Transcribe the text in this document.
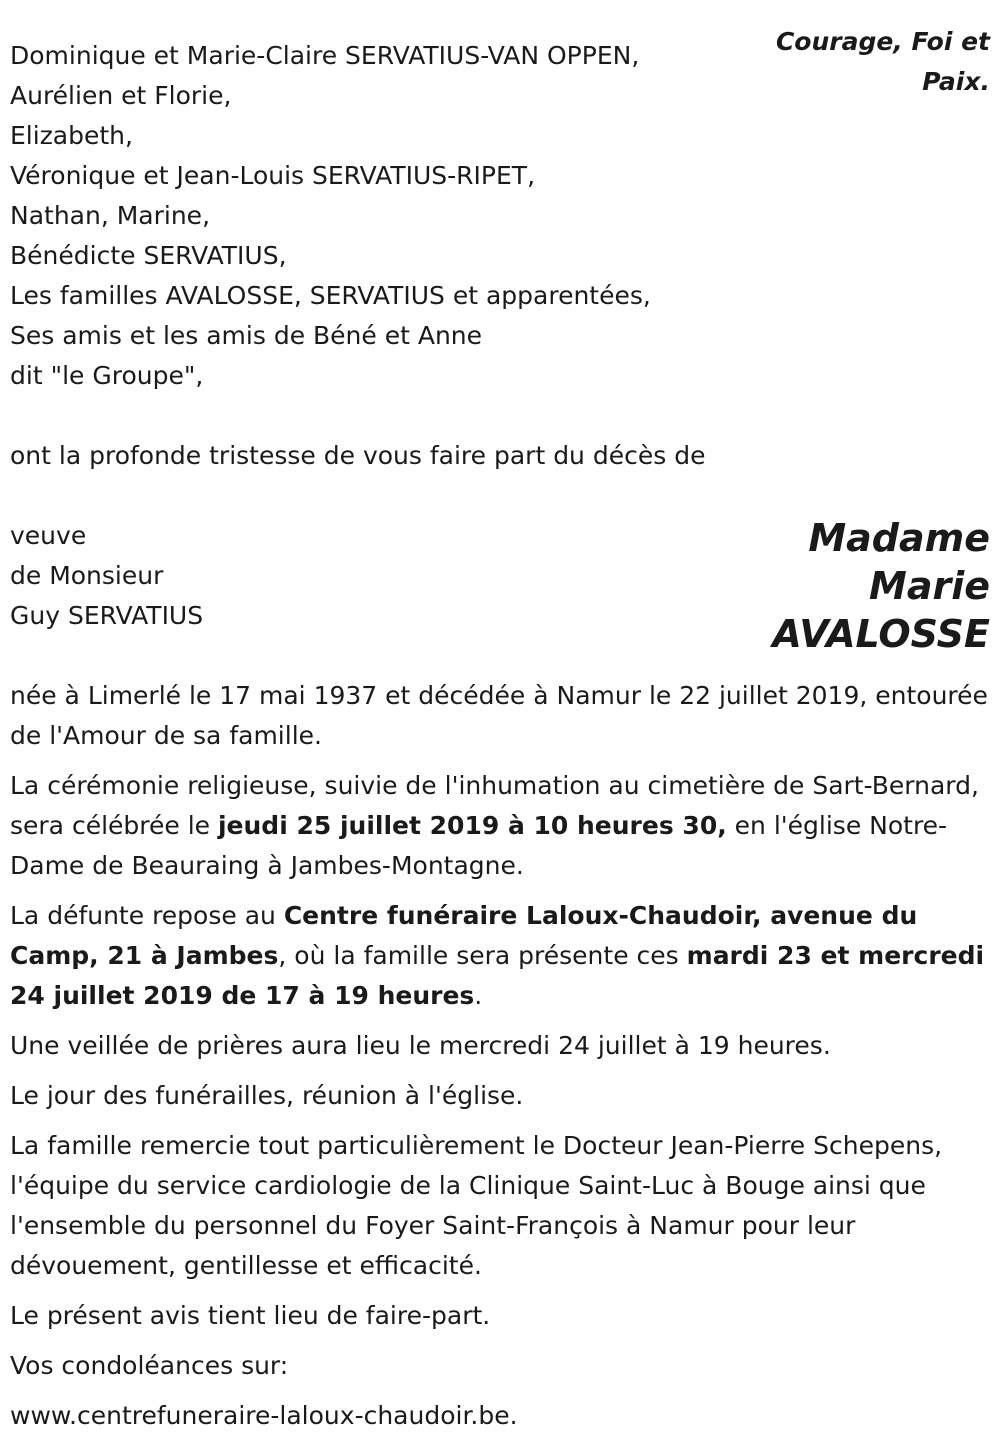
Courage, Foi et
Paix.
Dominique et Marie-Claire SERVATIUS-VAN OPPEN,
Aurélien et Florie,
Elizabeth,
Véronique et Jean-Louis SERVATIUS-RIPET,
Nathan, Marine,
Bénédicte SERVATIUS,
Les familles AVALOSSE, SERVATIUS et apparentées,
Ses amis et les amis de Béné et Anne
dit "le Groupe",
ont la profonde tristesse de vous faire part du décès de
veuve
de Monsieur
Guy SERVATIUS
Madame
Marie
AVALOSSE

née à Limerlé le 17 mai 1937 et décédée à Namur le 22 juillet 2019, entourée de l'Amour de sa famille.

La cérémonie religieuse, suivie de l'inhumation au cimetière de Sart-Bernard, sera célébrée le jeudi 25 juillet 2019 à 10 heures 30, en l'église Notre-Dame de Beauraing à Jambes-Montagne.

La défunte repose au Centre funéraire Laloux-Chaudoir, avenue du Camp, 21 à Jambes, où la famille sera présente ces mardi 23 et mercredi 24 juillet 2019 de 17 à 19 heures.

Une veillée de prières aura lieu le mercredi 24 juillet à 19 heures.

Le jour des funérailles, réunion à l'église.

La famille remercie tout particulièrement le Docteur Jean-Pierre Schepens, l'équipe du service cardiologie de la Clinique Saint-Luc à Bouge ainsi que l'ensemble du personnel du Foyer Saint-François à Namur pour leur dévouement, gentillesse et efficacité.

Le présent avis tient lieu de faire-part.

Vos condoléances sur:

www.centrefuneraire-laloux-chaudoir.be.
